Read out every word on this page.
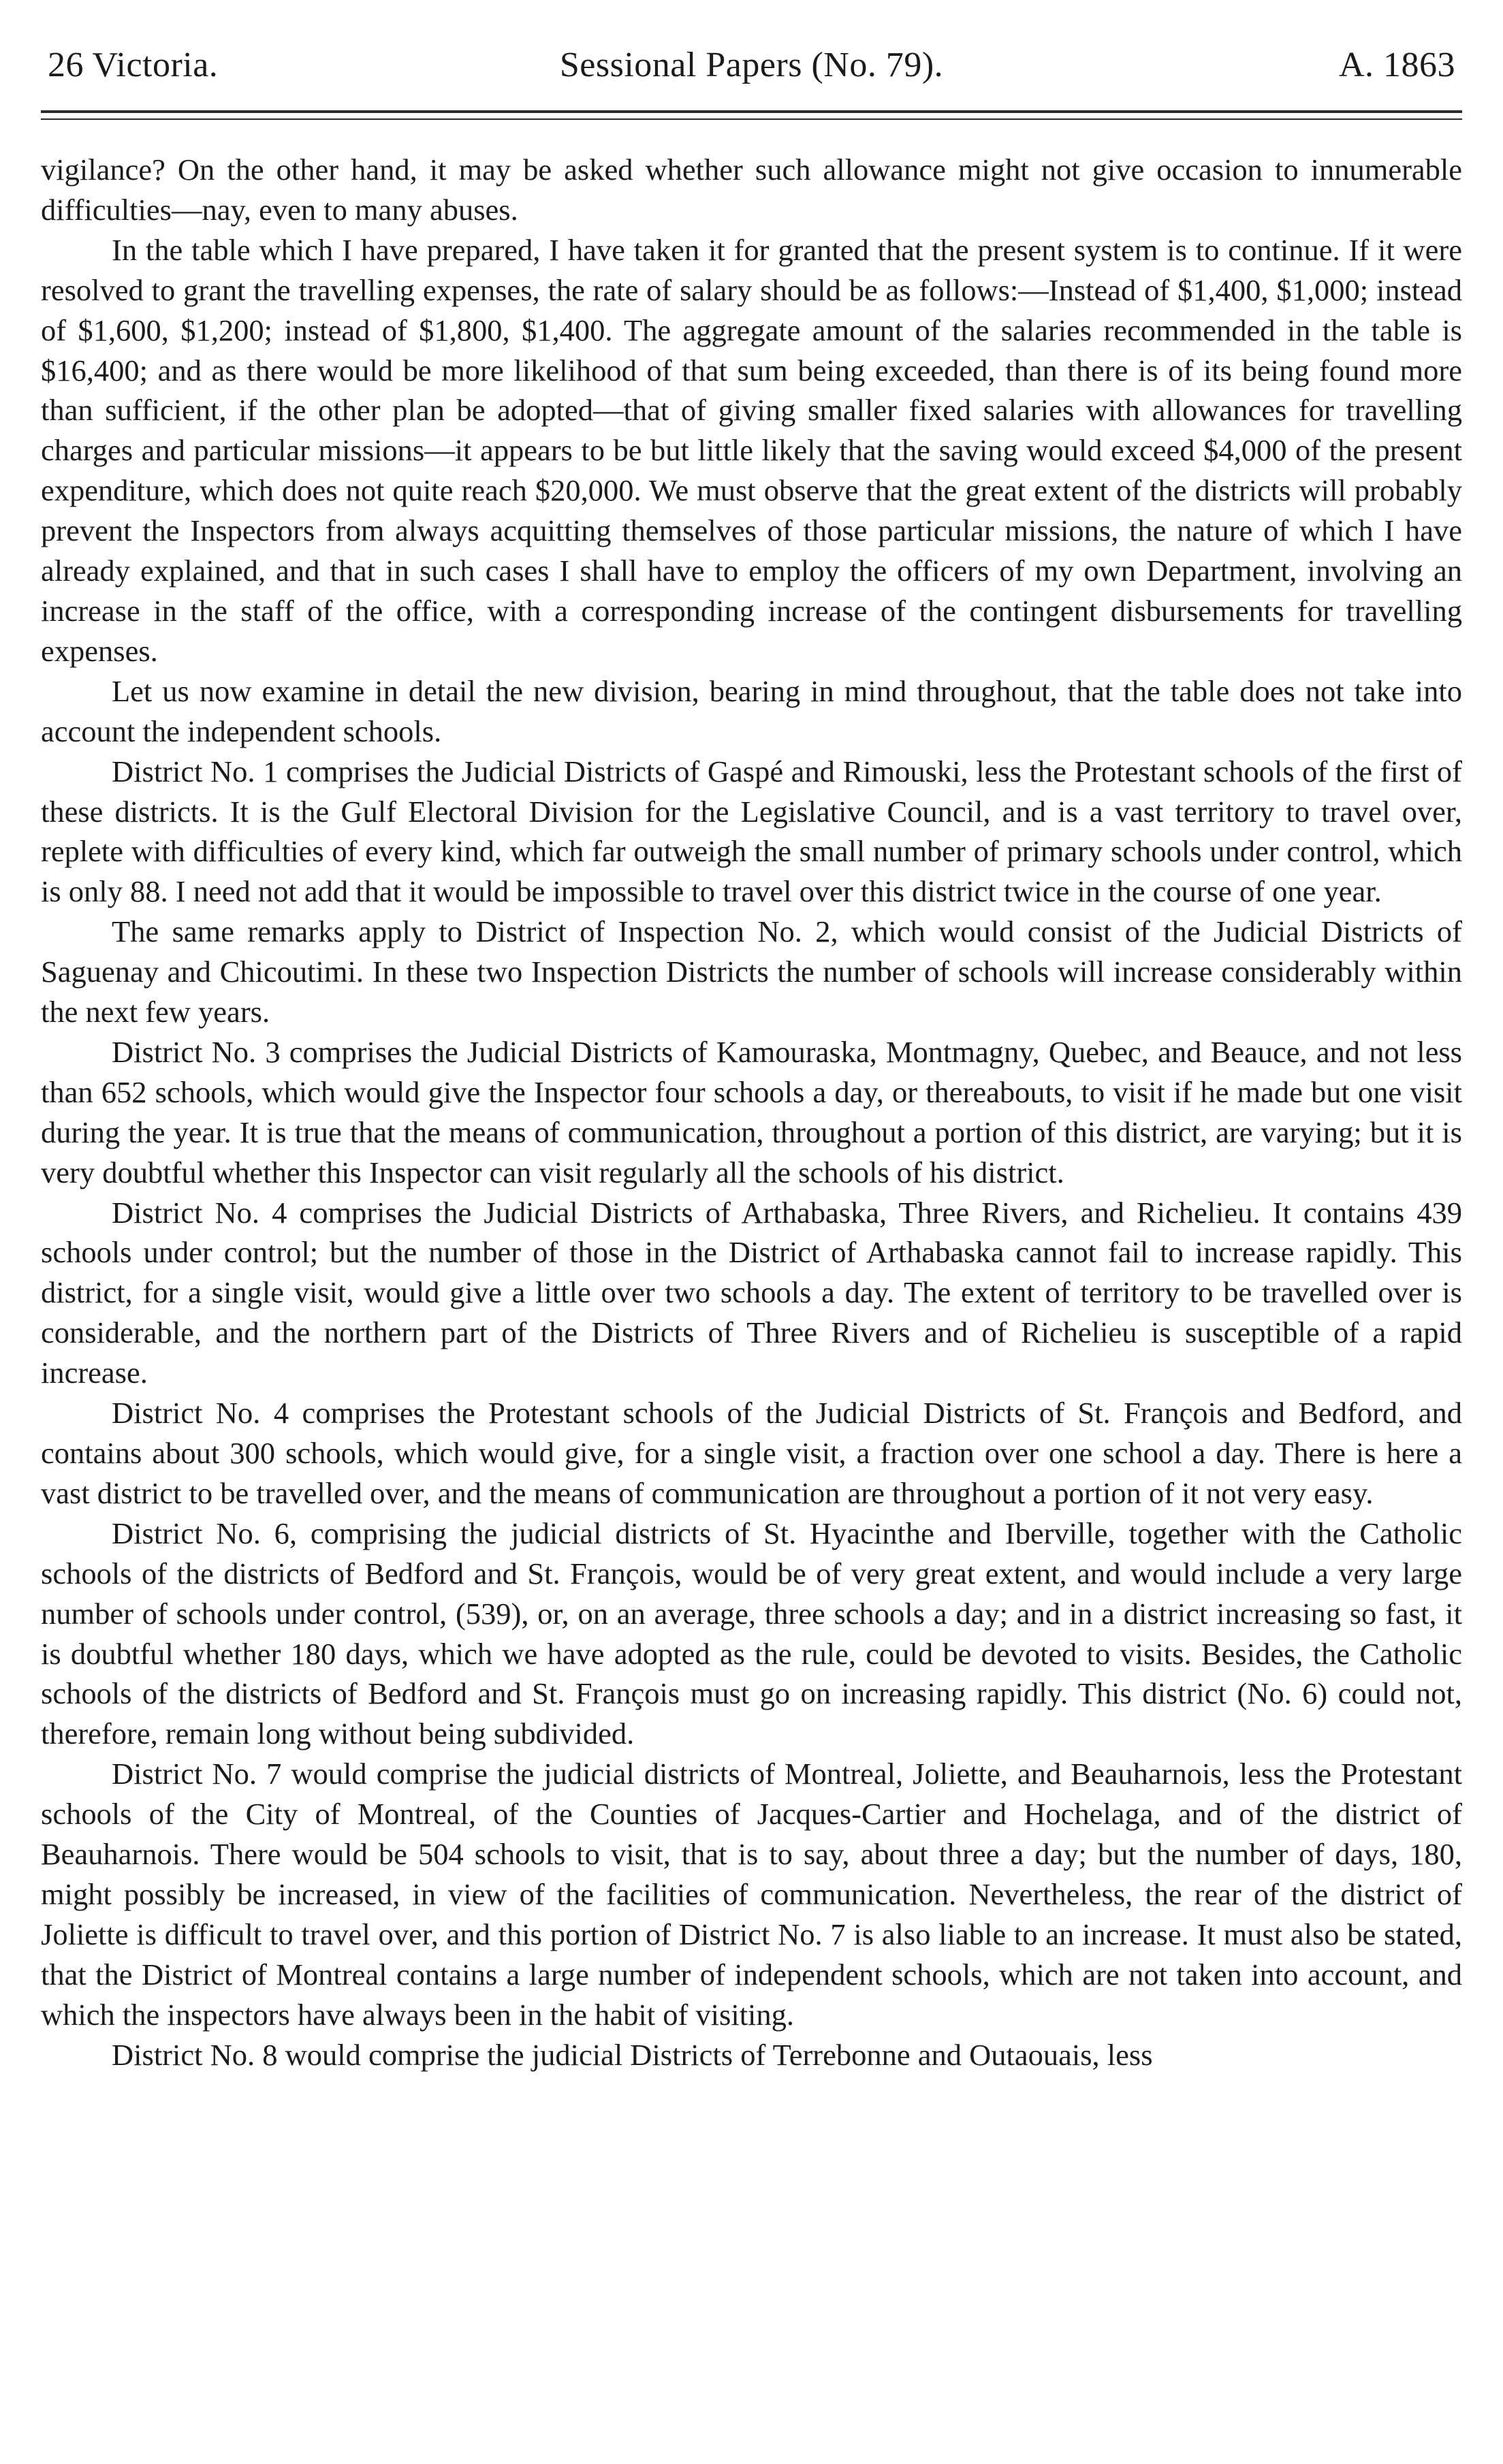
26 Victoria.	Sessional Papers (No. 79).	A. 1863

vigilance? On the other hand, it may be asked whether such allowance might not give occasion to innumerable difficulties—nay, even to many abuses.

In the table which I have prepared, I have taken it for granted that the present system is to continue. If it were resolved to grant the travelling expenses, the rate of salary should be as follows:—Instead of $1,400, $1,000; instead of $1,600, $1,200; instead of $1,800, $1,400. The aggregate amount of the salaries recommended in the table is $16,400; and as there would be more likelihood of that sum being exceeded, than there is of its being found more than sufficient, if the other plan be adopted—that of giving smaller fixed salaries with allowances for travelling charges and particular missions—it appears to be but little likely that the saving would exceed $4,000 of the present expenditure, which does not quite reach $20,000. We must observe that the great extent of the districts will probably prevent the Inspectors from always acquitting themselves of those particular missions, the nature of which I have already explained, and that in such cases I shall have to employ the officers of my own Department, involving an increase in the staff of the office, with a corresponding increase of the contingent disbursements for travelling expenses.

Let us now examine in detail the new division, bearing in mind throughout, that the table does not take into account the independent schools.

District No. 1 comprises the Judicial Districts of Gaspé and Rimouski, less the Protestant schools of the first of these districts. It is the Gulf Electoral Division for the Legislative Council, and is a vast territory to travel over, replete with difficulties of every kind, which far outweigh the small number of primary schools under control, which is only 88. I need not add that it would be impossible to travel over this district twice in the course of one year.

The same remarks apply to District of Inspection No. 2, which would consist of the Judicial Districts of Saguenay and Chicoutimi. In these two Inspection Districts the number of schools will increase considerably within the next few years.

District No. 3 comprises the Judicial Districts of Kamouraska, Montmagny, Quebec, and Beauce, and not less than 652 schools, which would give the Inspector four schools a day, or thereabouts, to visit if he made but one visit during the year. It is true that the means of communication, throughout a portion of this district, are varying; but it is very doubtful whether this Inspector can visit regularly all the schools of his district.

District No. 4 comprises the Judicial Districts of Arthabaska, Three Rivers, and Richelieu. It contains 439 schools under control; but the number of those in the District of Arthabaska cannot fail to increase rapidly. This district, for a single visit, would give a little over two schools a day. The extent of territory to be travelled over is considerable, and the northern part of the Districts of Three Rivers and of Richelieu is susceptible of a rapid increase.

District No. 4 comprises the Protestant schools of the Judicial Districts of St. François and Bedford, and contains about 300 schools, which would give, for a single visit, a fraction over one school a day. There is here a vast district to be travelled over, and the means of communication are throughout a portion of it not very easy.

District No. 6, comprising the judicial districts of St. Hyacinthe and Iberville, together with the Catholic schools of the districts of Bedford and St. François, would be of very great extent, and would include a very large number of schools under control, (539), or, on an average, three schools a day; and in a district increasing so fast, it is doubtful whether 180 days, which we have adopted as the rule, could be devoted to visits. Besides, the Catholic schools of the districts of Bedford and St. François must go on increasing rapidly. This district (No. 6) could not, therefore, remain long without being subdivided.

District No. 7 would comprise the judicial districts of Montreal, Joliette, and Beauharnois, less the Protestant schools of the City of Montreal, of the Counties of Jacques-Cartier and Hochelaga, and of the district of Beauharnois. There would be 504 schools to visit, that is to say, about three a day; but the number of days, 180, might possibly be increased, in view of the facilities of communication. Nevertheless, the rear of the district of Joliette is difficult to travel over, and this portion of District No. 7 is also liable to an increase. It must also be stated, that the District of Montreal contains a large number of independent schools, which are not taken into account, and which the inspectors have always been in the habit of visiting.

District No. 8 would comprise the judicial Districts of Terrebonne and Outaouais, less
